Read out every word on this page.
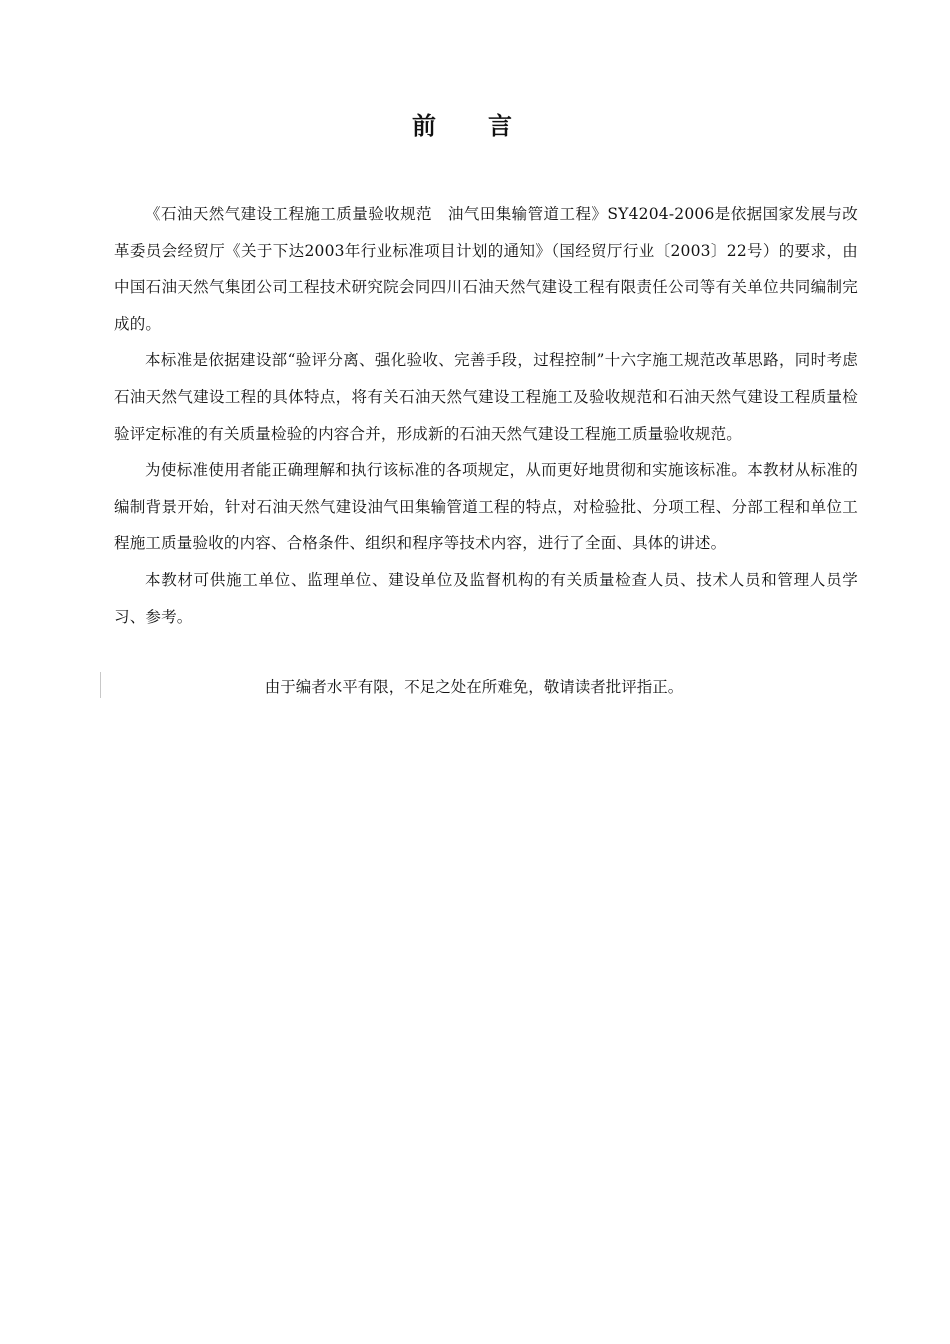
前言

《石油天然气建设工程施工质量验收规范　油气田集输管道工程》SY4204-2006是依据国家发展与改革委员会经贸厅《关于下达2003年行业标准项目计划的通知》（国经贸厅行业〔2003〕22号）的要求，由中国石油天然气集团公司工程技术研究院会同四川石油天然气建设工程有限责任公司等有关单位共同编制完成的。

本标准是依据建设部“验评分离、强化验收、完善手段，过程控制”十六字施工规范改革思路，同时考虑石油天然气建设工程的具体特点，将有关石油天然气建设工程施工及验收规范和石油天然气建设工程质量检验评定标准的有关质量检验的内容合并，形成新的石油天然气建设工程施工质量验收规范。

为使标准使用者能正确理解和执行该标准的各项规定，从而更好地贯彻和实施该标准。本教材从标准的编制背景开始，针对石油天然气建设油气田集输管道工程的特点，对检验批、分项工程、分部工程和单位工程施工质量验收的内容、合格条件、组织和程序等技术内容，进行了全面、具体的讲述。

本教材可供施工单位、监理单位、建设单位及监督机构的有关质量检查人员、技术人员和管理人员学习、参考。

由于编者水平有限，不足之处在所难免，敬请读者批评指正。
